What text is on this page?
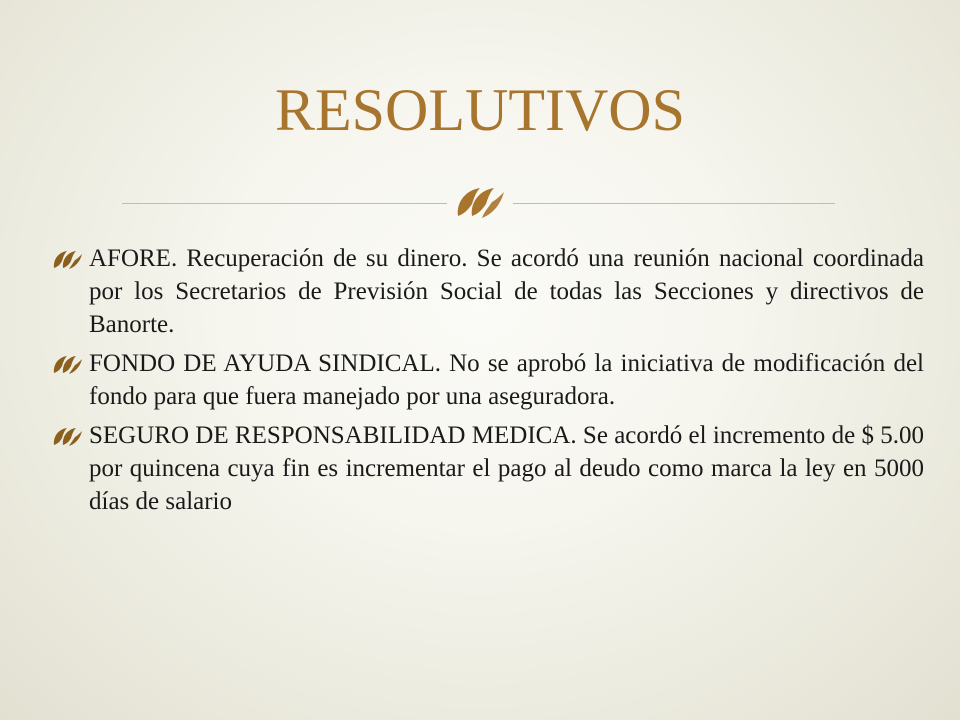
RESOLUTIVOS
AFORE. Recuperación de su dinero. Se acordó una reunión nacional coordinada por los Secretarios de Previsión Social de todas las Secciones y directivos de Banorte.
FONDO DE AYUDA SINDICAL. No se aprobó la iniciativa de modificación del fondo para que fuera manejado por una aseguradora.
SEGURO DE RESPONSABILIDAD MEDICA. Se acordó el incremento de $ 5.00 por quincena cuya fin es incrementar el pago al deudo como marca la ley en 5000 días de salario
